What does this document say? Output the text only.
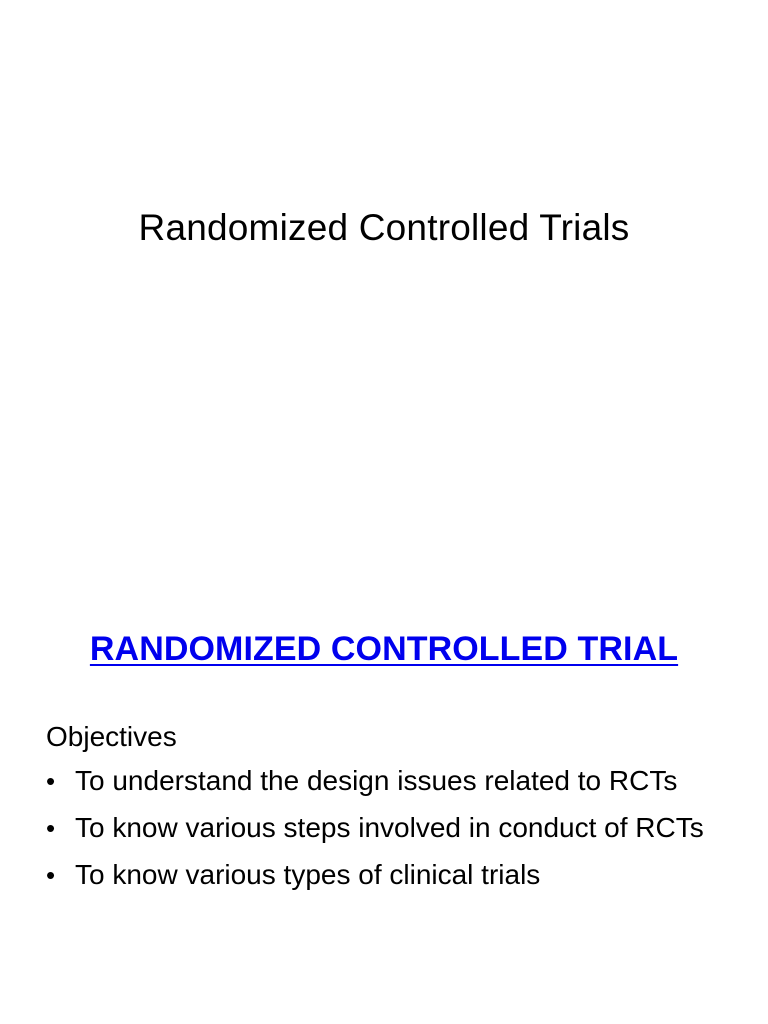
Randomized Controlled Trials
RANDOMIZED CONTROLLED TRIAL

Objectives

• To understand the design issues related to RCTs
• To know various steps involved in conduct of RCTs
• To know various types of clinical trials
